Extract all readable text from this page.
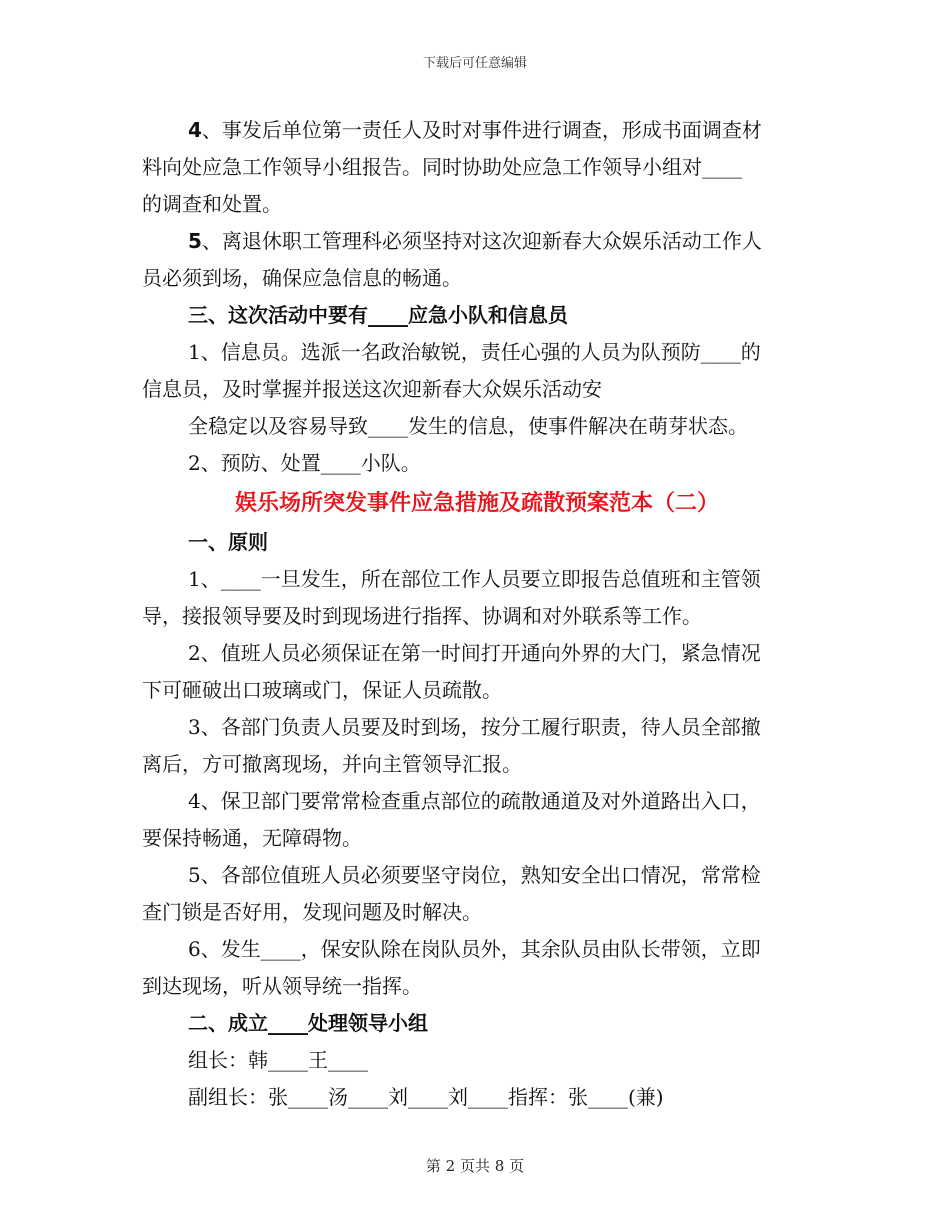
下载后可任意编辑

4、事发后单位第一责任人及时对事件进行调查，形成书面调查材

料向处应急工作领导小组报告。同时协助处应急工作领导小组对____
的调查和处置。

5、离退休职工管理科必须坚持对这次迎新春大众娱乐活动工作人

员必须到场，确保应急信息的畅通。

三、这次活动中要有____应急小队和信息员

1、信息员。选派一名政治敏锐，责任心强的人员为队预防____的

信息员，及时掌握并报送这次迎新春大众娱乐活动安

全稳定以及容易导致____发生的信息，使事件解决在萌芽状态。

2、预防、处置____小队。

娱乐场所突发事件应急措施及疏散预案范本（二）

一、原则

1、____一旦发生，所在部位工作人员要立即报告总值班和主管领

导，接报领导要及时到现场进行指挥、协调和对外联系等工作。

2、值班人员必须保证在第一时间打开通向外界的大门，紧急情况

下可砸破出口玻璃或门，保证人员疏散。

3、各部门负责人员要及时到场，按分工履行职责，待人员全部撤

离后，方可撤离现场，并向主管领导汇报。

4、保卫部门要常常检查重点部位的疏散通道及对外道路出入口，

要保持畅通，无障碍物。

5、各部位值班人员必须要坚守岗位，熟知安全出口情况，常常检

查门锁是否好用，发现问题及时解决。

6、发生____，保安队除在岗队员外，其余队员由队长带领，立即

到达现场，听从领导统一指挥。

二、成立____处理领导小组

组长：韩____王____

副组长：张____汤____刘____刘____指挥：张____(兼)

第 2 页共 8 页
